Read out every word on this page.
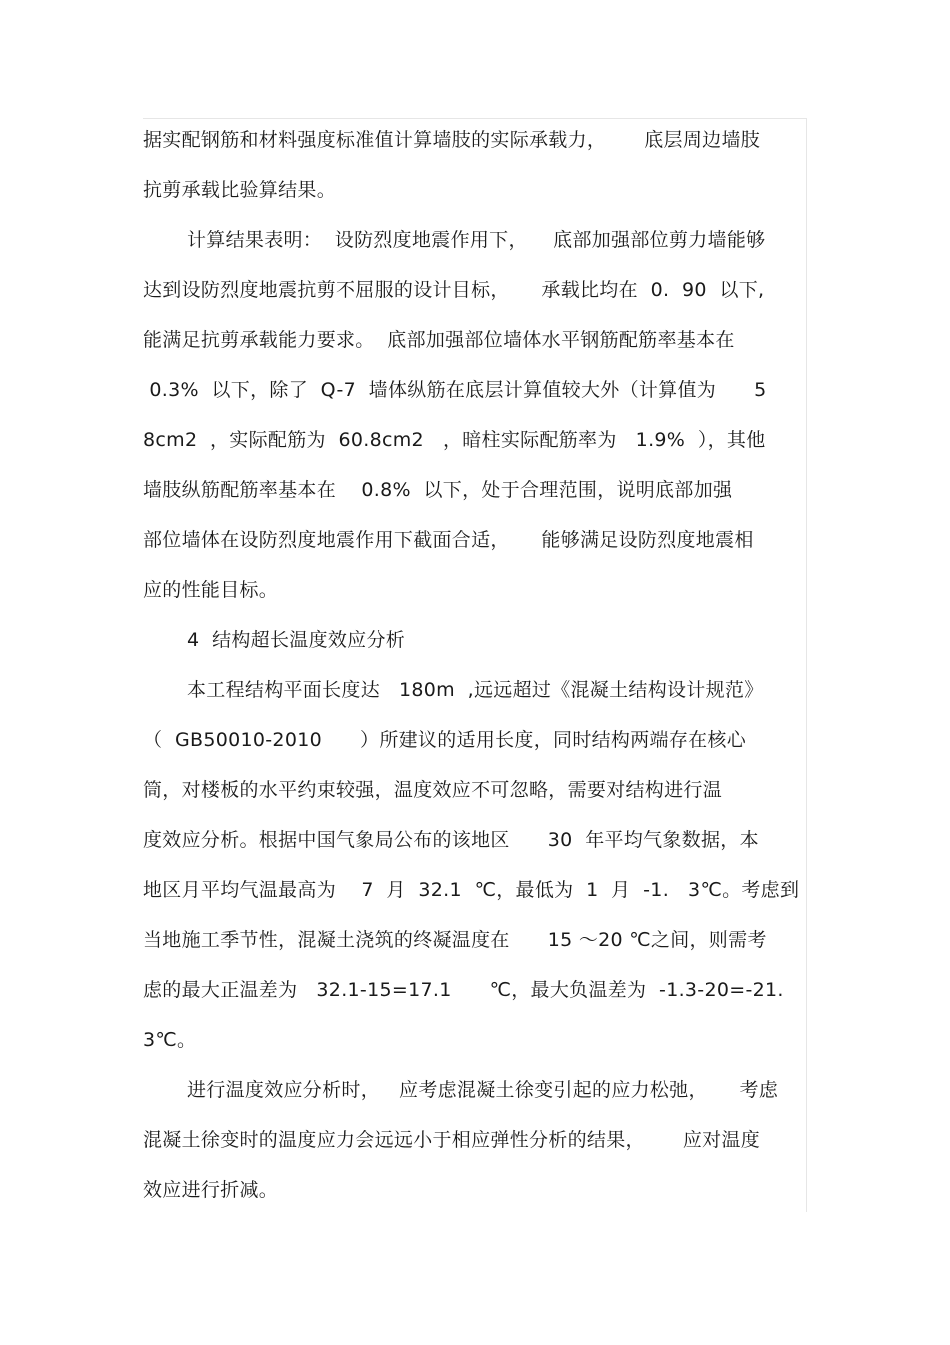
据实配钢筋和材料强度标准值计算墙肢的实际承载力，      底层周边墙肢
抗剪承载比验算结果。
计算结果表明：  设防烈度地震作用下，    底部加强部位剪力墙能够
达到设防烈度地震抗剪不屈服的设计目标，     承载比均在  0.  90  以下,
能满足抗剪承载能力要求。  底部加强部位墙体水平钢筋配筋率基本在
0.3%  以下，除了  Q-7  墙体纵筋在底层计算值较大外（计算值为      5
8cm2  ，实际配筋为  60.8cm2   ，暗柱实际配筋率为   1.9%  ），其他
墙肢纵筋配筋率基本在    0.8%  以下，处于合理范围，说明底部加强
部位墙体在设防烈度地震作用下截面合适，     能够满足设防烈度地震相
应的性能目标。
4  结构超长温度效应分析
本工程结构平面长度达   180m  ,远远超过《混凝土结构设计规范》
（  GB50010-2010      ）所建议的适用长度，同时结构两端存在核心
筒，对楼板的水平约束较强，温度效应不可忽略，需要对结构进行温
度效应分析。根据中国气象局公布的该地区      30  年平均气象数据，本
地区月平均气温最高为    7  月  32.1  ℃，最低为  1  月  -1.   3℃。考虑到
当地施工季节性，混凝土浇筑的终凝温度在      15 ～20 ℃之间，则需考
虑的最大正温差为   32.1-15=17.1      ℃，最大负温差为  -1.3-20=-21.
3℃。
进行温度效应分析时，   应考虑混凝土徐变引起的应力松弛，     考虑
混凝土徐变时的温度应力会远远小于相应弹性分析的结果，      应对温度
效应进行折减。
